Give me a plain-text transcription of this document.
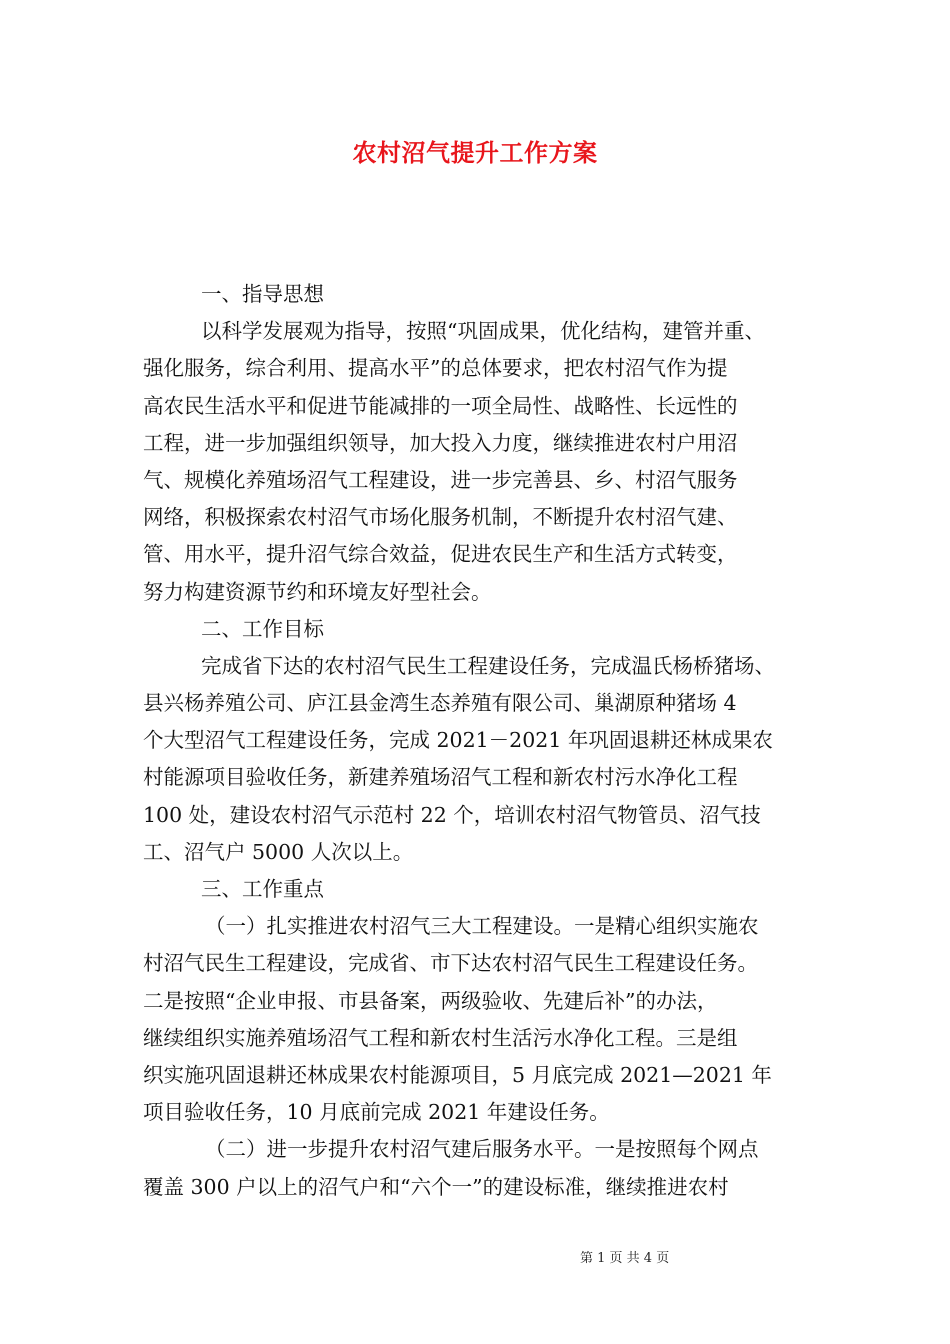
农村沼气提升工作方案
一、指导思想
以科学发展观为指导，按照“巩固成果，优化结构，建管并重、
强化服务，综合利用、提高水平”的总体要求，把农村沼气作为提
高农民生活水平和促进节能减排的一项全局性、战略性、长远性的
工程，进一步加强组织领导，加大投入力度，继续推进农村户用沼
气、规模化养殖场沼气工程建设，进一步完善县、乡、村沼气服务
网络，积极探索农村沼气市场化服务机制，不断提升农村沼气建、
管、用水平，提升沼气综合效益，促进农民生产和生活方式转变，
努力构建资源节约和环境友好型社会。
二、工作目标
完成省下达的农村沼气民生工程建设任务，完成温氏杨桥猪场、
县兴杨养殖公司、庐江县金湾生态养殖有限公司、巢湖原种猪场 4
个大型沼气工程建设任务，完成 2021－2021 年巩固退耕还林成果农
村能源项目验收任务，新建养殖场沼气工程和新农村污水净化工程
100 处，建设农村沼气示范村 22 个，培训农村沼气物管员、沼气技
工、沼气户 5000 人次以上。
三、工作重点
（一）扎实推进农村沼气三大工程建设。一是精心组织实施农
村沼气民生工程建设，完成省、市下达农村沼气民生工程建设任务。
二是按照“企业申报、市县备案，两级验收、先建后补”的办法，
继续组织实施养殖场沼气工程和新农村生活污水净化工程。三是组
织实施巩固退耕还林成果农村能源项目，5 月底完成 2021—2021 年
项目验收任务，10 月底前完成 2021 年建设任务。
（二）进一步提升农村沼气建后服务水平。一是按照每个网点
覆盖 300 户以上的沼气户和“六个一”的建设标准，继续推进农村
第 1 页 共 4 页
